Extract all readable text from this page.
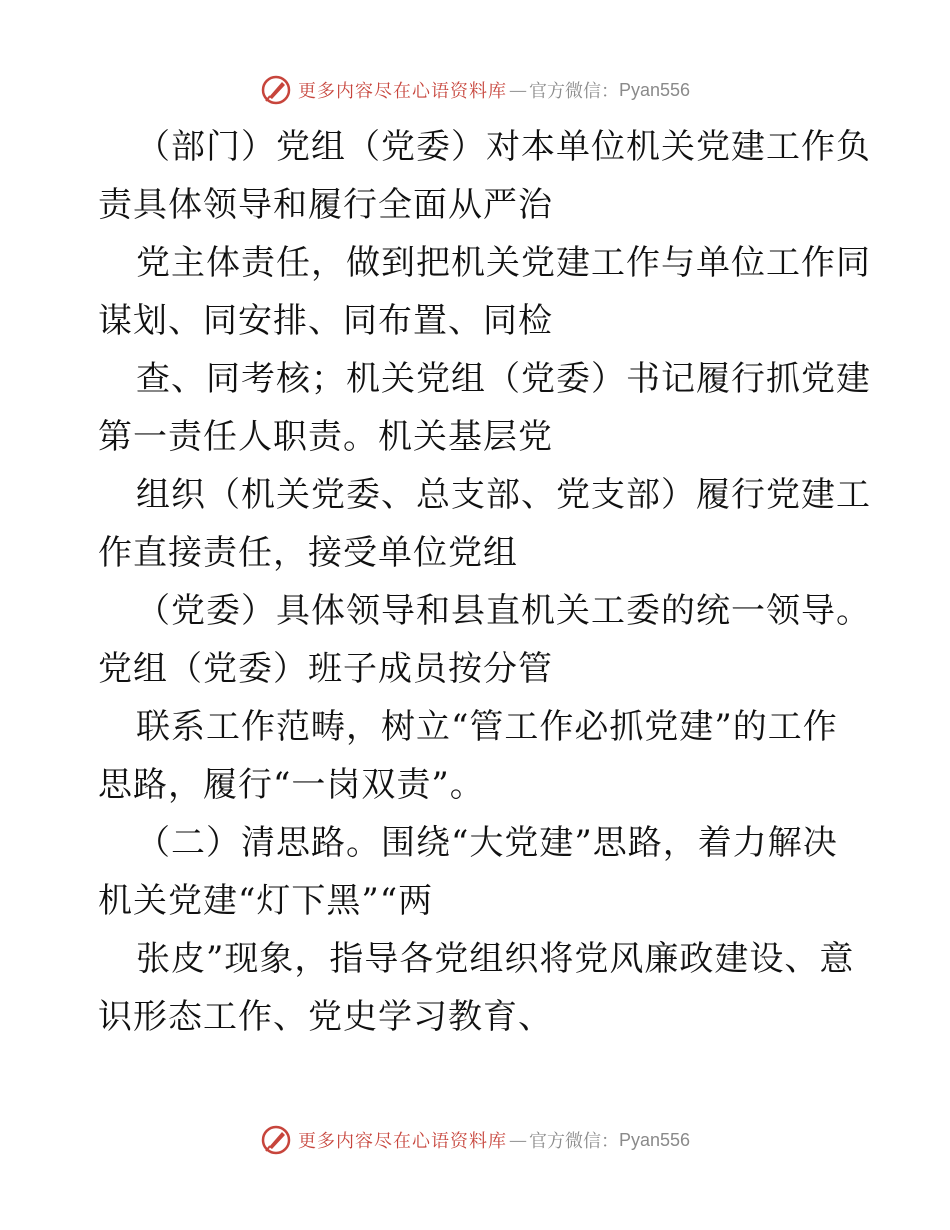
更多内容尽在心语资料库 — 官方微信： Pyan556
（部门）党组（党委）对本单位机关党建工作负
责具体领导和履行全面从严治
党主体责任，做到把机关党建工作与单位工作同
谋划、同安排、同布置、同检
查、同考核；机关党组（党委）书记履行抓党建
第一责任人职责。机关基层党
组织（机关党委、总支部、党支部）履行党建工
作直接责任，接受单位党组
（党委）具体领导和县直机关工委的统一领导。
党组（党委）班子成员按分管
联系工作范畴，树立“管工作必抓党建”的工作
思路，履行“一岗双责”。
（二）清思路。围绕“大党建”思路，着力解决
机关党建“灯下黑”“两
张皮”现象，指导各党组织将党风廉政建设、意
识形态工作、党史学习教育、
更多内容尽在心语资料库 — 官方微信： Pyan556
